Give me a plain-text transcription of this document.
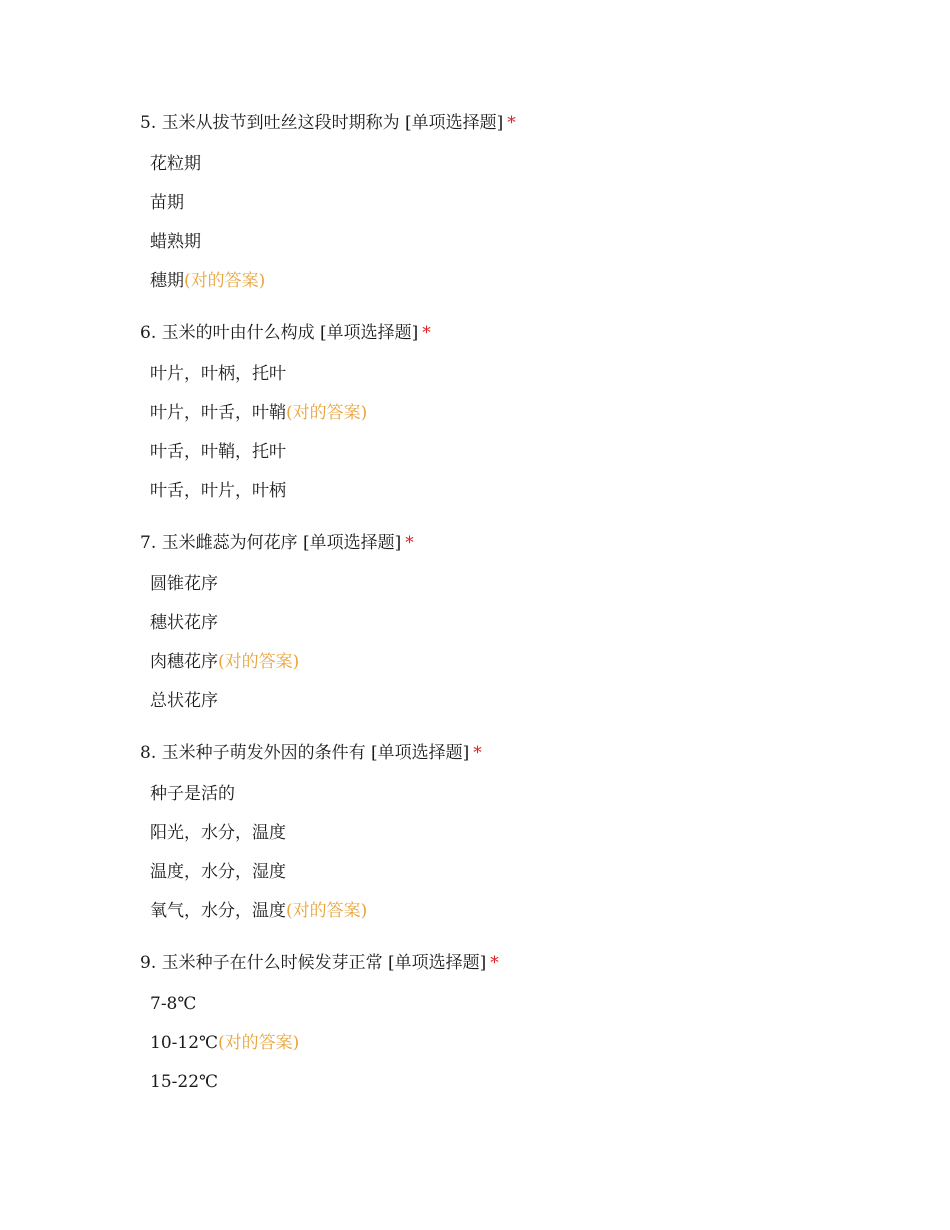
5. 玉米从拔节到吐丝这段时期称为 [单项选择题] *
花粒期
苗期
蜡熟期
穗期(对的答案)
6. 玉米的叶由什么构成 [单项选择题] *
叶片，叶柄，托叶
叶片，叶舌，叶鞘(对的答案)
叶舌，叶鞘，托叶
叶舌，叶片，叶柄
7. 玉米雌蕊为何花序 [单项选择题] *
圆锥花序
穗状花序
肉穗花序(对的答案)
总状花序
8. 玉米种子萌发外因的条件有 [单项选择题] *
种子是活的
阳光，水分，温度
温度，水分，湿度
氧气，水分，温度(对的答案)
9. 玉米种子在什么时候发芽正常 [单项选择题] *
7-8℃
10-12℃(对的答案)
15-22℃
